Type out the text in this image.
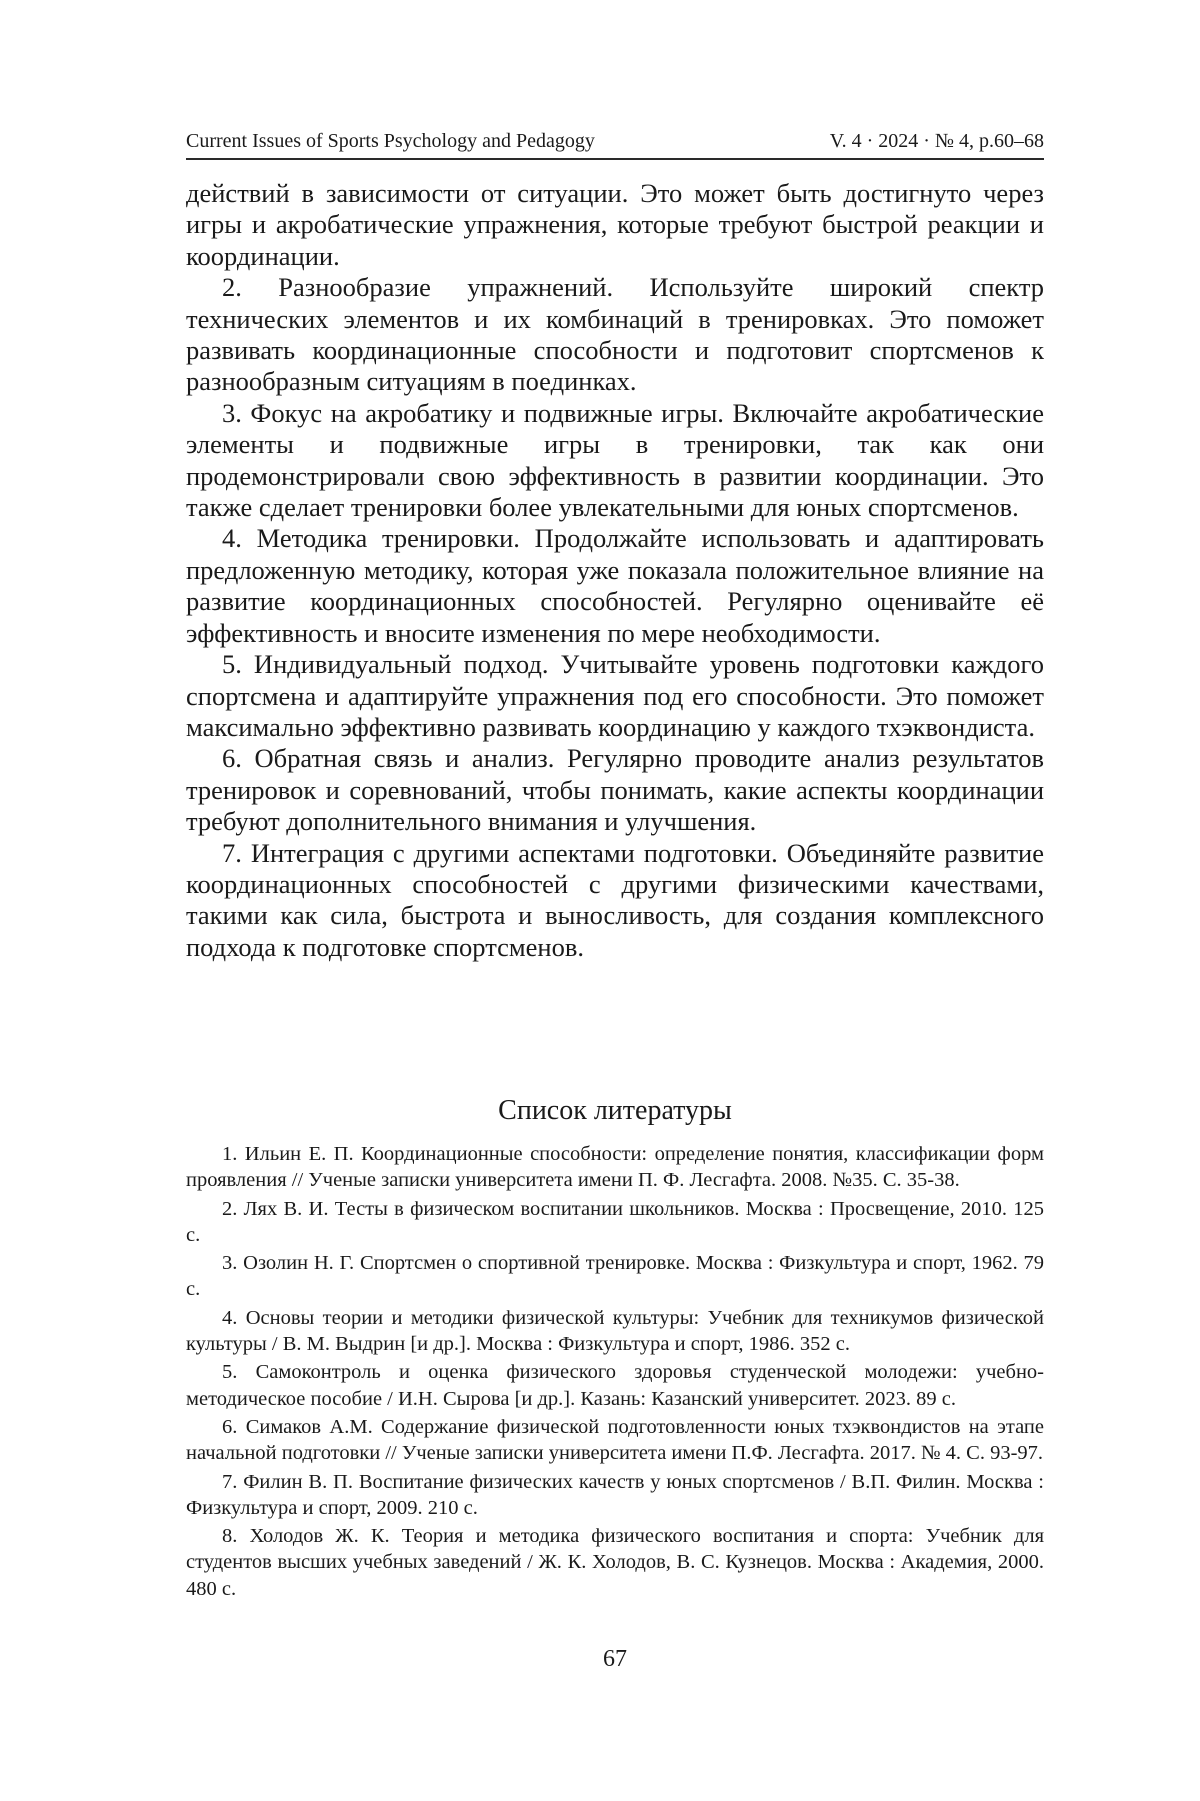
Current Issues of Sports Psychology and Pedagogy	V. 4 · 2024 · № 4, p.60–68

действий в зависимости от ситуации. Это может быть достигнуто через игры и акробатические упражнения, которые требуют быстрой реакции и координации.

2. Разнообразие упражнений. Используйте широкий спектр технических элементов и их комбинаций в тренировках. Это поможет развивать координационные способности и подготовит спортсменов к разнообразным ситуациям в поединках.

3. Фокус на акробатику и подвижные игры. Включайте акробатические элементы и подвижные игры в тренировки, так как они продемонстрировали свою эффективность в развитии координации. Это также сделает тренировки более увлекательными для юных спортсменов.

4. Методика тренировки. Продолжайте использовать и адаптировать предложенную методику, которая уже показала положительное влияние на развитие координационных способностей. Регулярно оценивайте её эффективность и вносите изменения по мере необходимости.

5. Индивидуальный подход. Учитывайте уровень подготовки каждого спортсмена и адаптируйте упражнения под его способности. Это поможет максимально эффективно развивать координацию у каждого тхэквондиста.

6. Обратная связь и анализ. Регулярно проводите анализ результатов тренировок и соревнований, чтобы понимать, какие аспекты координации требуют дополнительного внимания и улучшения.

7. Интеграция с другими аспектами подготовки. Объединяйте развитие координационных способностей с другими физическими качествами, такими как сила, быстрота и выносливость, для создания комплексного подхода к подготовке спортсменов.

Список литературы

1. Ильин Е. П. Координационные способности: определение понятия, классификации форм проявления // Ученые записки университета имени П. Ф. Лесгафта. 2008. №35. С. 35-38.

2. Лях В. И. Тесты в физическом воспитании школьников. Москва : Просвещение, 2010. 125 с.

3. Озолин Н. Г. Спортсмен о спортивной тренировке. Москва : Физкультура и спорт, 1962. 79 с.

4. Основы теории и методики физической культуры: Учебник для техникумов физической культуры / В. М. Выдрин [и др.]. Москва : Физкультура и спорт, 1986. 352 с.

5. Самоконтроль и оценка физического здоровья студенческой молодежи: учебно-методическое пособие / И.Н. Сырова [и др.]. Казань: Казанский университет. 2023. 89 с.

6. Симаков А.М. Содержание физической подготовленности юных тхэквондистов на этапе начальной подготовки // Ученые записки университета имени П.Ф. Лесгафта. 2017. № 4. С. 93-97.

7. Филин В. П. Воспитание физических качеств у юных спортсменов / В.П. Филин. Москва : Физкультура и спорт, 2009. 210 с.

8. Холодов Ж. К. Теория и методика физического воспитания и спорта: Учебник для студентов высших учебных заведений / Ж. К. Холодов, В. С. Кузнецов. Москва : Академия, 2000. 480 с.

67
